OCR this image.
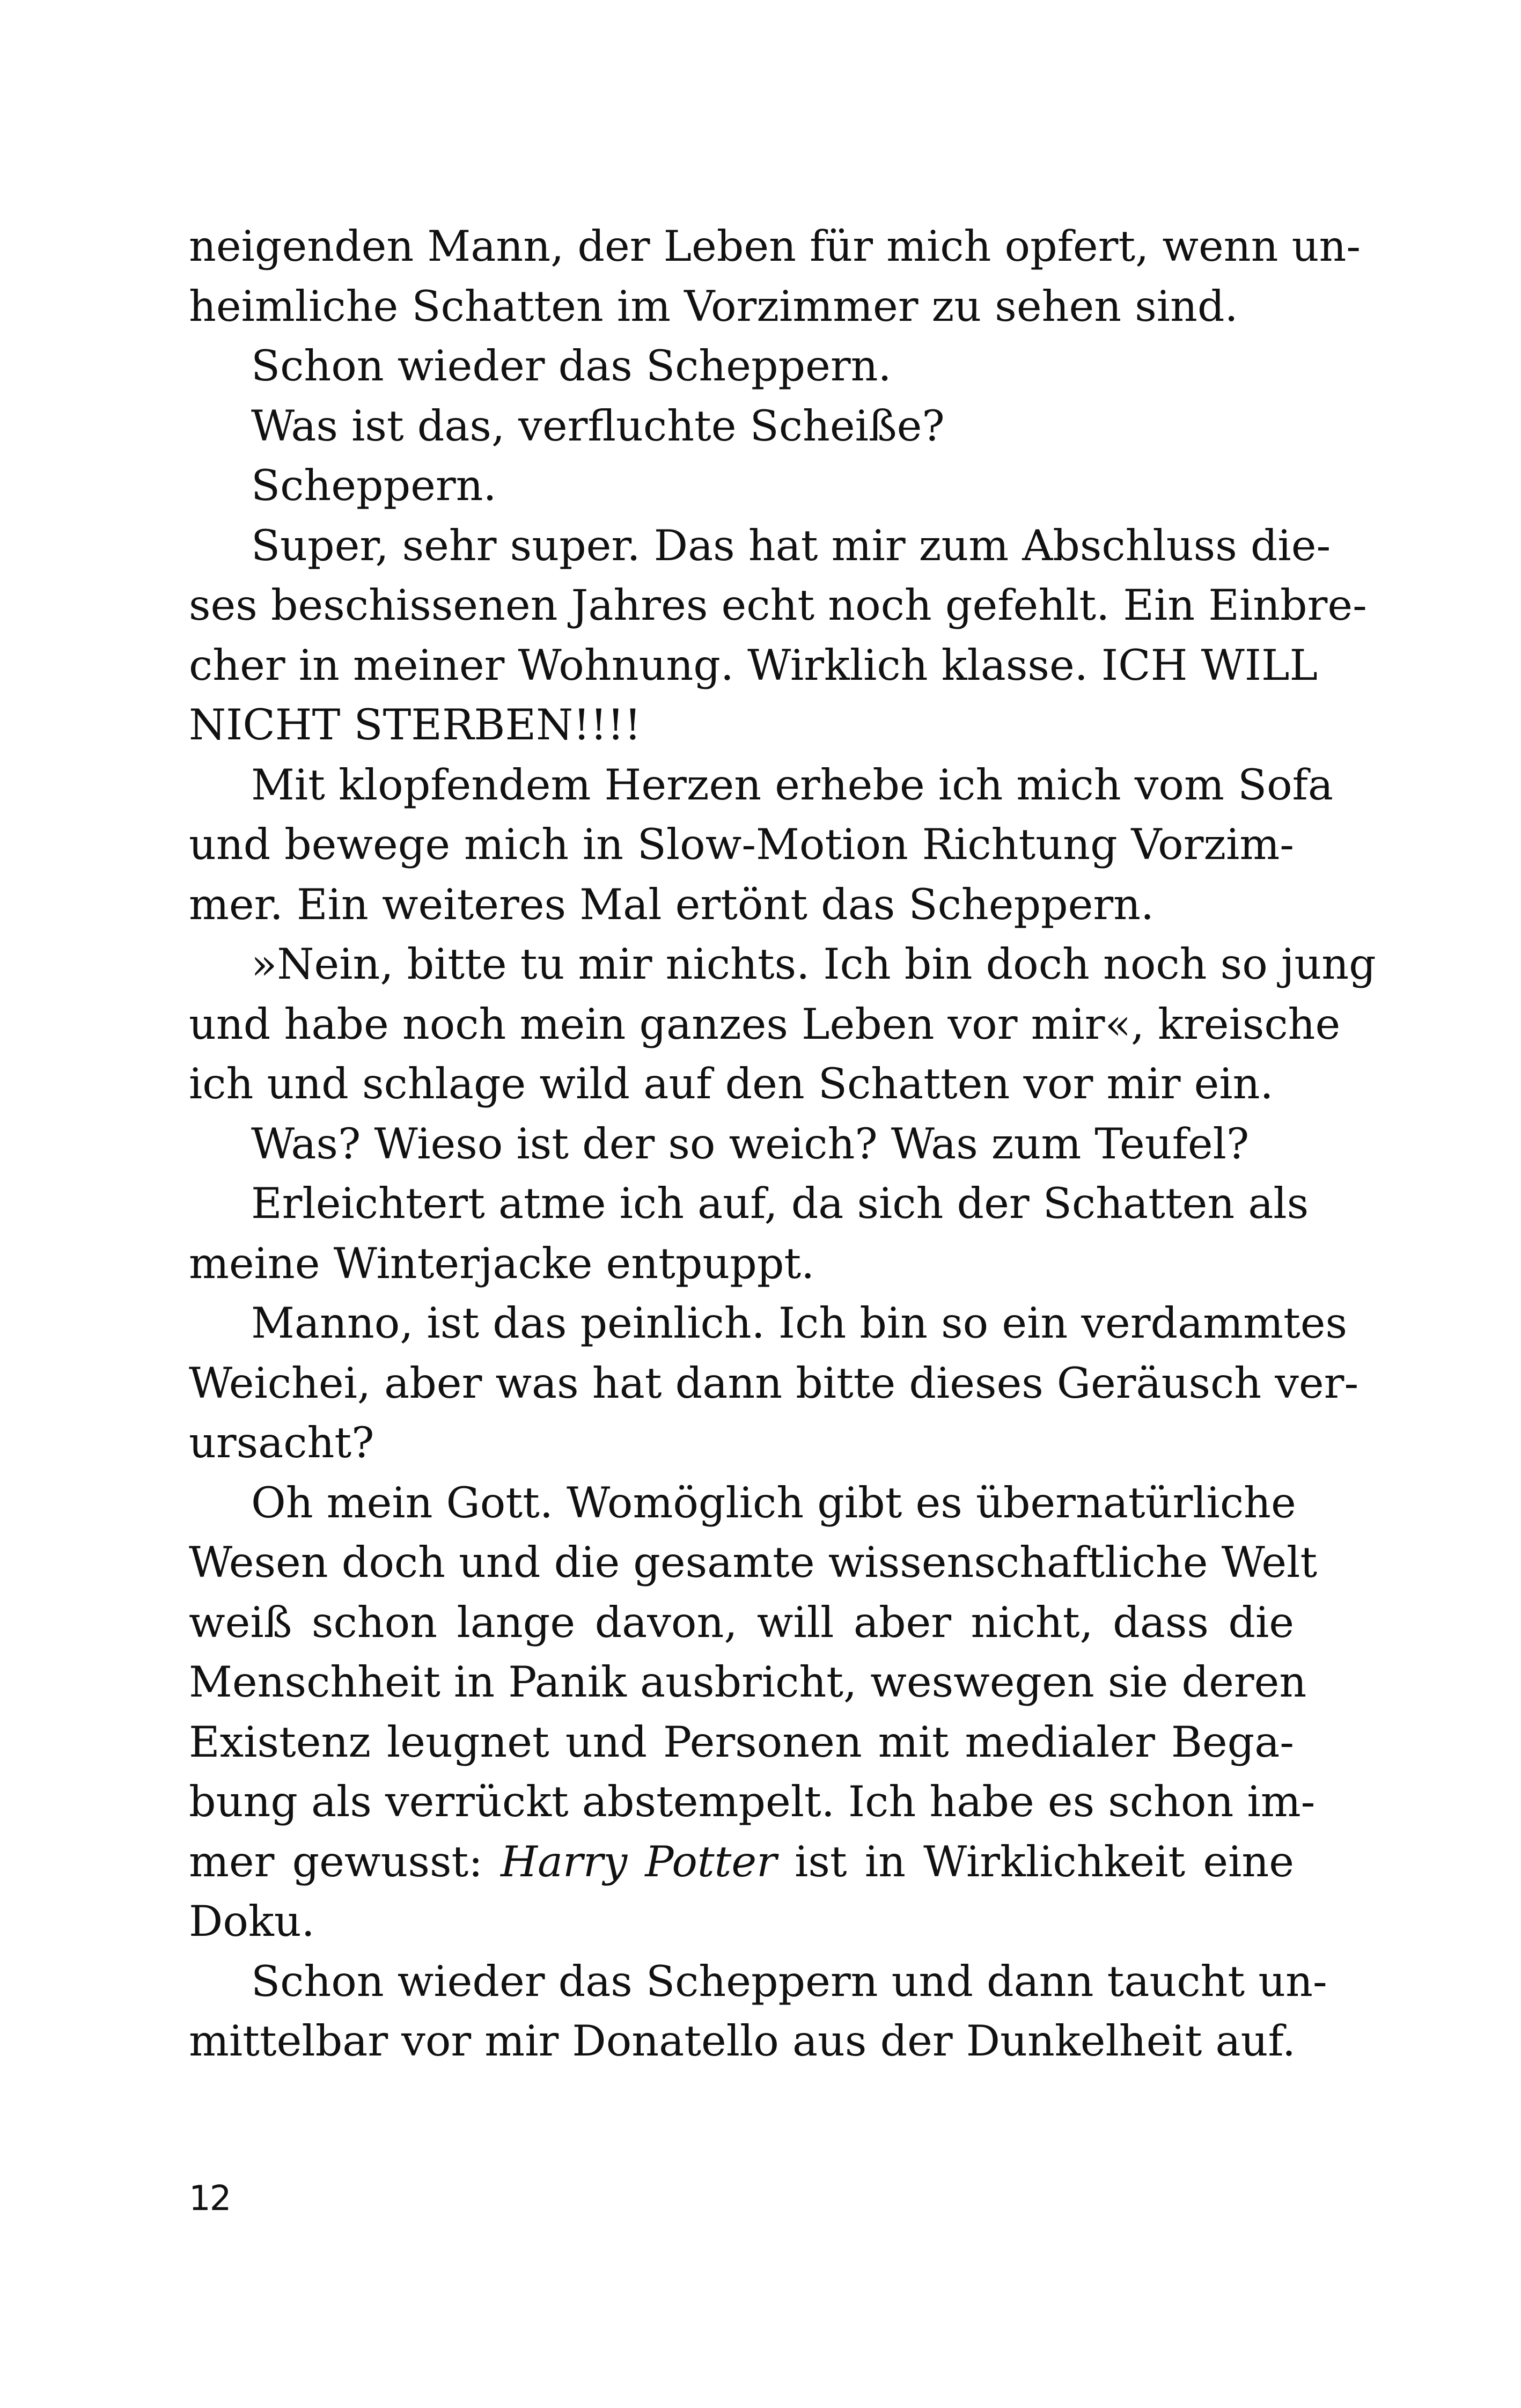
neigenden Mann, der Leben für mich opfert, wenn un-
heimliche Schatten im Vorzimmer zu sehen sind.
Schon wieder das Scheppern.
Was ist das, verfluchte Scheiße?
Scheppern.
Super, sehr super. Das hat mir zum Abschluss die-
ses beschissenen Jahres echt noch gefehlt. Ein Einbre-
cher in meiner Wohnung. Wirklich klasse. ICH WILL
NICHT STERBEN!!!!
Mit klopfendem Herzen erhebe ich mich vom Sofa
und bewege mich in Slow-Motion Richtung Vorzim-
mer. Ein weiteres Mal ertönt das Scheppern.
»Nein, bitte tu mir nichts. Ich bin doch noch so jung
und habe noch mein ganzes Leben vor mir«, kreische
ich und schlage wild auf den Schatten vor mir ein.
Was? Wieso ist der so weich? Was zum Teufel?
Erleichtert atme ich auf, da sich der Schatten als
meine Winterjacke entpuppt.
Manno, ist das peinlich. Ich bin so ein verdammtes
Weichei, aber was hat dann bitte dieses Geräusch ver-
ursacht?
Oh mein Gott. Womöglich gibt es übernatürliche
Wesen doch und die gesamte wissenschaftliche Welt
weiß schon lange davon, will aber nicht, dass die
Menschheit in Panik ausbricht, weswegen sie deren
Existenz leugnet und Personen mit medialer Bega-
bung als verrückt abstempelt. Ich habe es schon im-
mer gewusst: Harry Potter ist in Wirklichkeit eine
Doku.
Schon wieder das Scheppern und dann taucht un-
mittelbar vor mir Donatello aus der Dunkelheit auf.
12
